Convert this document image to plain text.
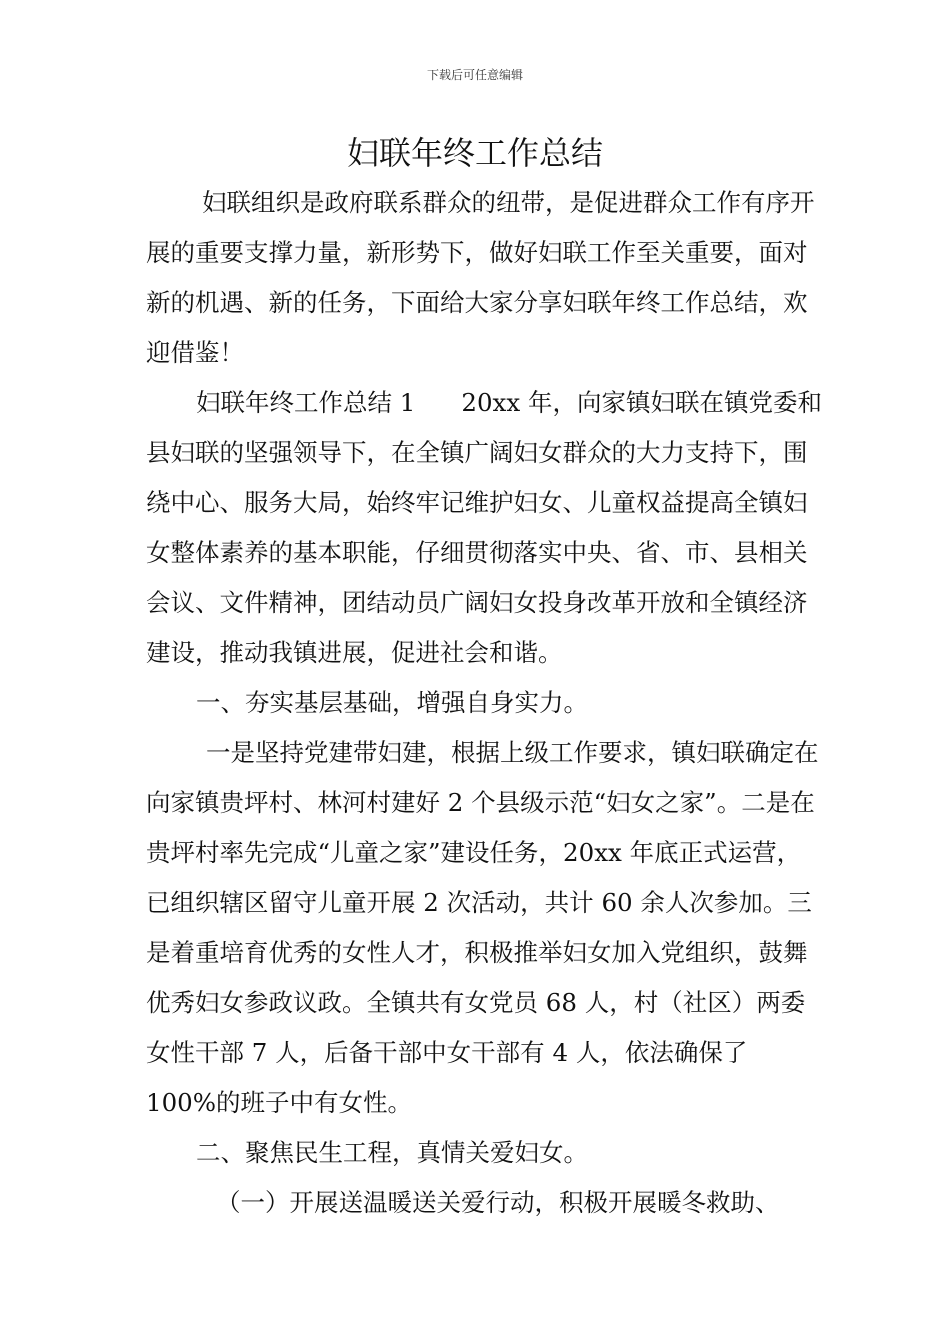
下载后可任意编辑
妇联年终工作总结

妇联组织是政府联系群众的纽带，是促进群众工作有序开展的重要支撑力量，新形势下，做好妇联工作至关重要，面对新的机遇、新的任务，下面给大家分享妇联年终工作总结，欢迎借鉴！

妇联年终工作总结 1 20xx 年，向家镇妇联在镇党委和县妇联的坚强领导下，在全镇广阔妇女群众的大力支持下，围绕中心、服务大局，始终牢记维护妇女、儿童权益提高全镇妇女整体素养的基本职能，仔细贯彻落实中央、省、市、县相关会议、文件精神，团结动员广阔妇女投身改革开放和全镇经济建设，推动我镇进展，促进社会和谐。

一、夯实基层基础，增强自身实力。

一是坚持党建带妇建，根据上级工作要求，镇妇联确定在向家镇贵坪村、林河村建好 2 个县级示范“妇女之家”。二是在贵坪村率先完成“儿童之家”建设任务，20xx 年底正式运营，已组织辖区留守儿童开展 2 次活动，共计 60 余人次参加。三是着重培育优秀的女性人才，积极推举妇女加入党组织，鼓舞优秀妇女参政议政。全镇共有女党员 68 人，村（社区）两委女性干部 7 人，后备干部中女干部有 4 人，依法确保了 100%的班子中有女性。

二、聚焦民生工程，真情关爱妇女。

（一）开展送温暖送关爱行动，积极开展暖冬救助、
